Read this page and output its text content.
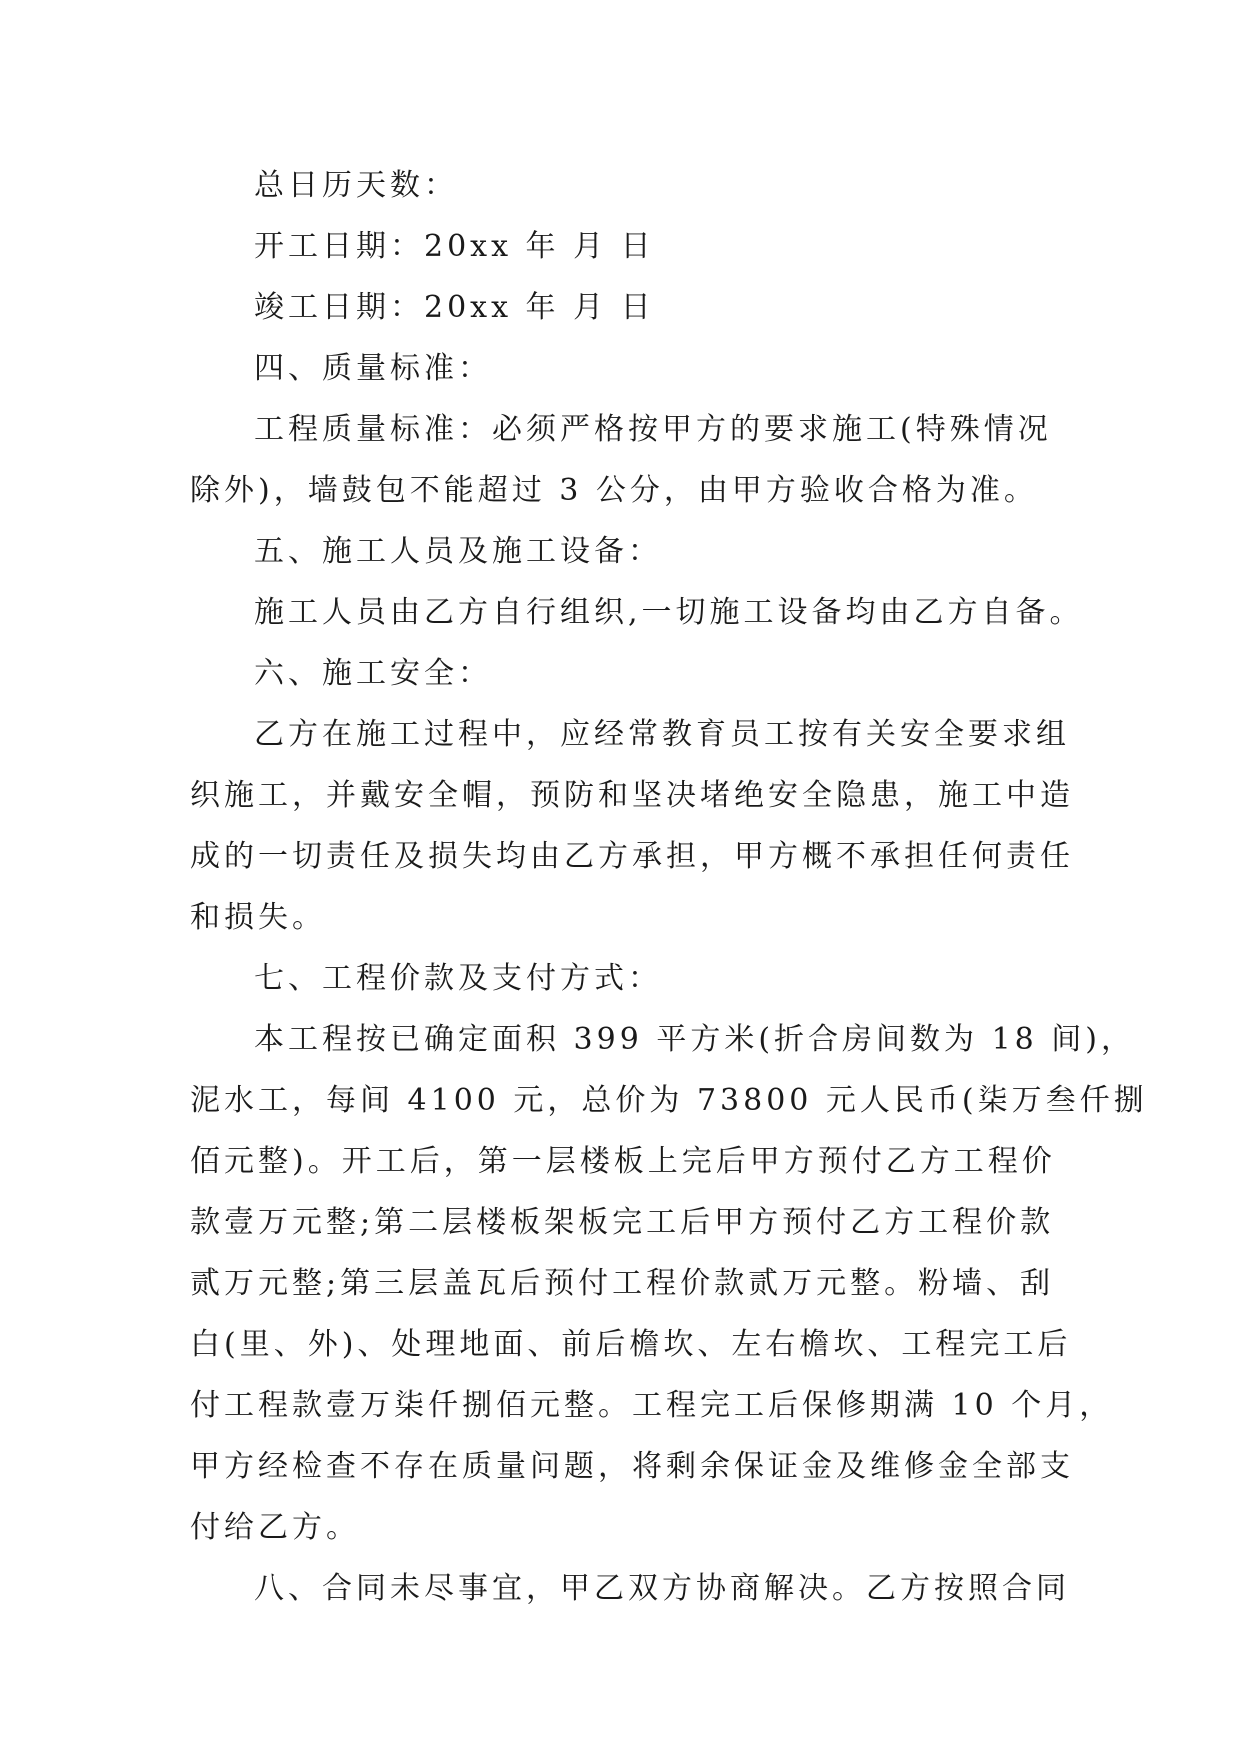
总日历天数：

开工日期：20xx 年 月 日

竣工日期：20xx 年 月 日

四、质量标准：

工程质量标准：必须严格按甲方的要求施工(特殊情况
除外)，墙鼓包不能超过 3 公分，由甲方验收合格为准。

五、施工人员及施工设备：

施工人员由乙方自行组织,一切施工设备均由乙方自备。

六、施工安全：

乙方在施工过程中，应经常教育员工按有关安全要求组
织施工，并戴安全帽，预防和坚决堵绝安全隐患，施工中造
成的一切责任及损失均由乙方承担，甲方概不承担任何责任
和损失。

七、工程价款及支付方式：

本工程按已确定面积 399 平方米(折合房间数为 18 间)，
泥水工，每间 4100 元，总价为 73800 元人民币(柒万叁仟捌
佰元整)。开工后，第一层楼板上完后甲方预付乙方工程价
款壹万元整;第二层楼板架板完工后甲方预付乙方工程价款
贰万元整;第三层盖瓦后预付工程价款贰万元整。粉墙、刮
白(里、外)、处理地面、前后檐坎、左右檐坎、工程完工后
付工程款壹万柒仟捌佰元整。工程完工后保修期满 10 个月，
甲方经检查不存在质量问题，将剩余保证金及维修金全部支
付给乙方。

八、合同未尽事宜，甲乙双方协商解决。乙方按照合同
